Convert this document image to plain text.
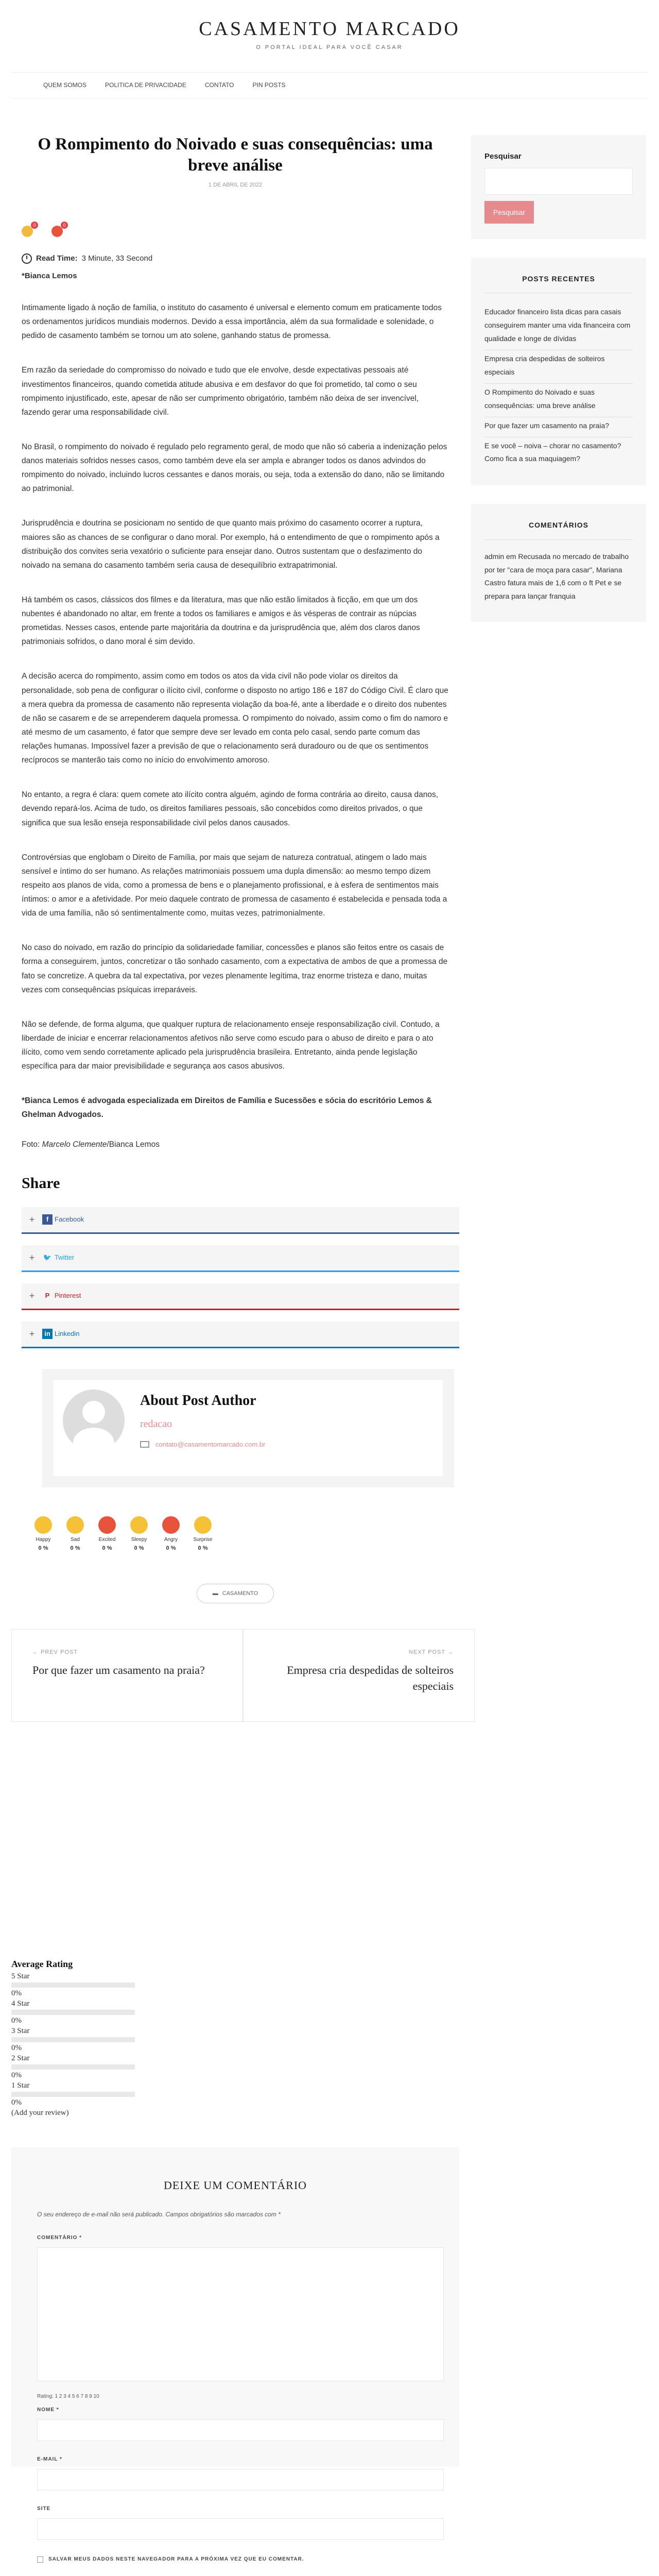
CASAMENTO MARCADO
O PORTAL IDEAL PARA VOCÊ CASAR
QUEM SOMOS	POLITICA DE PRIVACIDADE	CONTATO	PIN POSTS
O Rompimento do Noivado e suas consequências: uma breve análise
1 DE ABRIL DE 2022
0	0
Read Time: 3 Minute, 33 Second
*Bianca Lemos

Intimamente ligado à noção de família, o instituto do casamento é universal e elemento comum em praticamente todos os ordenamentos jurídicos mundiais modernos. Devido a essa importância, além da sua formalidade e solenidade, o pedido de casamento também se tornou um ato solene, ganhando status de promessa.

Em razão da seriedade do compromisso do noivado e tudo que ele envolve, desde expectativas pessoais até investimentos financeiros, quando cometida atitude abusiva e em desfavor do que foi prometido, tal como o seu rompimento injustificado, este, apesar de não ser cumprimento obrigatório, também não deixa de ser invencível, fazendo gerar uma responsabilidade civil.

No Brasil, o rompimento do noivado é regulado pelo regramento geral, de modo que não só caberia a indenização pelos danos materiais sofridos nesses casos, como também deve ela ser ampla e abranger todos os danos advindos do rompimento do noivado, incluindo lucros cessantes e danos morais, ou seja, toda a extensão do dano, não se limitando ao patrimonial.

Jurisprudência e doutrina se posicionam no sentido de que quanto mais próximo do casamento ocorrer a ruptura, maiores são as chances de se configurar o dano moral. Por exemplo, há o entendimento de que o rompimento após a distribuição dos convites seria vexatório o suficiente para ensejar dano. Outros sustentam que o desfazimento do noivado na semana do casamento também seria causa de desequilíbrio extrapatrimonial.

Há também os casos, clássicos dos filmes e da literatura, mas que não estão limitados à ficção, em que um dos nubentes é abandonado no altar, em frente a todos os familiares e amigos e às vésperas de contrair as núpcias prometidas. Nesses casos, entende parte majoritária da doutrina e da jurisprudência que, além dos claros danos patrimoniais sofridos, o dano moral é sim devido.

A decisão acerca do rompimento, assim como em todos os atos da vida civil não pode violar os direitos da personalidade, sob pena de configurar o ilícito civil, conforme o disposto no artigo 186 e 187 do Código Civil. É claro que a mera quebra da promessa de casamento não representa violação da boa-fé, ante a liberdade e o direito dos nubentes de não se casarem e de se arrependerem daquela promessa. O rompimento do noivado, assim como o fim do namoro e até mesmo de um casamento, é fator que sempre deve ser levado em conta pelo casal, sendo parte comum das relações humanas. Impossível fazer a previsão de que o relacionamento será duradouro ou de que os sentimentos recíprocos se manterão tais como no início do envolvimento amoroso.

No entanto, a regra é clara: quem comete ato ilícito contra alguém, agindo de forma contrária ao direito, causa danos, devendo repará-los. Acima de tudo, os direitos familiares pessoais, são concebidos como direitos privados, o que significa que sua lesão enseja responsabilidade civil pelos danos causados.

Controvérsias que englobam o Direito de Família, por mais que sejam de natureza contratual, atingem o lado mais sensível e íntimo do ser humano. As relações matrimoniais possuem uma dupla dimensão: ao mesmo tempo dizem respeito aos planos de vida, como a promessa de bens e o planejamento profissional, e à esfera de sentimentos mais íntimos: o amor e a afetividade. Por meio daquele contrato de promessa de casamento é estabelecida e pensada toda a vida de uma família, não só sentimentalmente como, muitas vezes, patrimonialmente.

No caso do noivado, em razão do princípio da solidariedade familiar, concessões e planos são feitos entre os casais de forma a conseguirem, juntos, concretizar o tão sonhado casamento, com a expectativa de ambos de que a promessa de fato se concretize. A quebra da tal expectativa, por vezes plenamente legítima, traz enorme tristeza e dano, muitas vezes com consequências psíquicas irreparáveis.

Não se defende, de forma alguma, que qualquer ruptura de relacionamento enseje responsabilização civil. Contudo, a liberdade de iniciar e encerrar relacionamentos afetivos não serve como escudo para o abuso de direito e para o ato ilícito, como vem sendo corretamente aplicado pela jurisprudência brasileira. Entretanto, ainda pende legislação específica para dar maior previsibilidade e segurança aos casos abusivos.

*Bianca Lemos é advogada especializada em Direitos de Família e Sucessões e sócia do escritório Lemos & Ghelman Advogados.

Foto: Marcelo Clemente/Bianca Lemos

Share
+	f Facebook
+	🐦 Twitter
+	P Pinterest
+	in Linkedin
About Post Author
redacao
contato@casamentomarcado.com.br
Happy
0 %
Sad
0 %
Excited
0 %
Sleepy
0 %
Angry
0 %
Surprise
0 %
▬ CASAMENTO
← PREV POST
Por que fazer um casamento na praia?
NEXT POST →
Empresa cria despedidas de solteiros especiais
Average Rating
5 Star
0%
4 Star
0%
3 Star
0%
2 Star
0%
1 Star
0%
(Add your review)
DEIXE UM COMENTÁRIO
O seu endereço de e-mail não será publicado. Campos obrigatórios são marcados com *
COMENTÁRIO *
Rating: 1 2 3 4 5 6 7 8 9 10
NOME *
E-MAIL *
SITE
SALVAR MEUS DADOS NESTE NAVEGADOR PARA A PRÓXIMA VEZ QUE EU COMENTAR.
Pesquisar
Pesquisar
POSTS RECENTES
Educador financeiro lista dicas para casais conseguirem manter uma vida financeira com qualidade e longe de dívidas
Empresa cria despedidas de solteiros especiais
O Rompimento do Noivado e suas consequências: uma breve análise
Por que fazer um casamento na praia?
E se você – noiva – chorar no casamento? Como fica a sua maquiagem?
COMENTÁRIOS

admin em Recusada no mercado de trabalho por ter "cara de moça para casar", Mariana Castro fatura mais de 1,6 com o ft Pet e se prepara para lançar franquia
